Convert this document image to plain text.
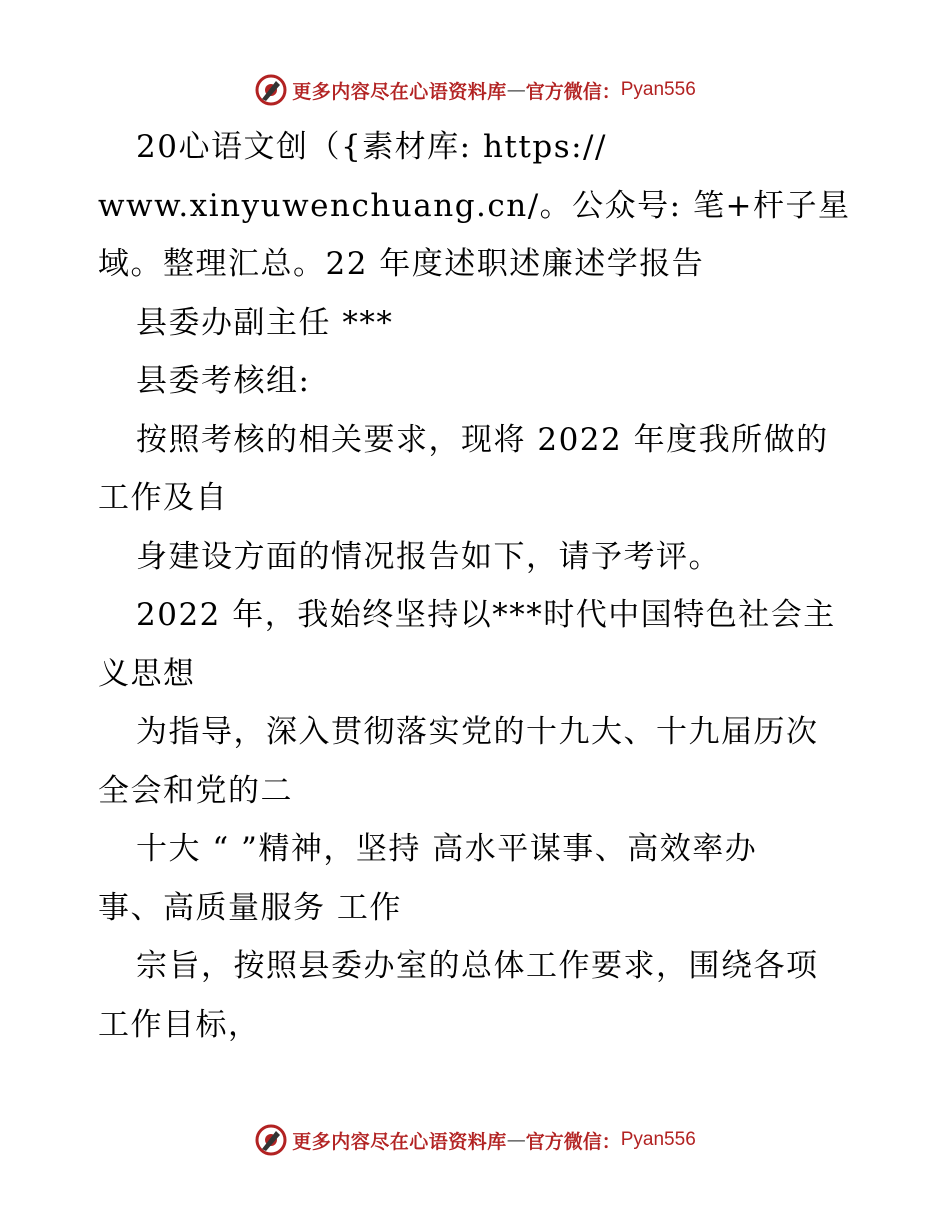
更多内容尽在心语资料库 — 官方微信： Pyan556
20心语文创（{素材库: https://
www.xinyuwenchuang.cn/。公众号: 笔+杆子星
域。整理汇总。22 年度述职述廉述学报告
县委办副主任 ***
县委考核组:
按照考核的相关要求，现将 2022 年度我所做的
工作及自
身建设方面的情况报告如下，请予考评。
2022 年，我始终坚持以***时代中国特色社会主
义思想
为指导，深入贯彻落实党的十九大、十九届历次
全会和党的二
十大 “ ”精神，坚持 高水平谋事、高效率办
事、高质量服务 工作
宗旨，按照县委办室的总体工作要求，围绕各项
工作目标，
更多内容尽在心语资料库 — 官方微信： Pyan556
